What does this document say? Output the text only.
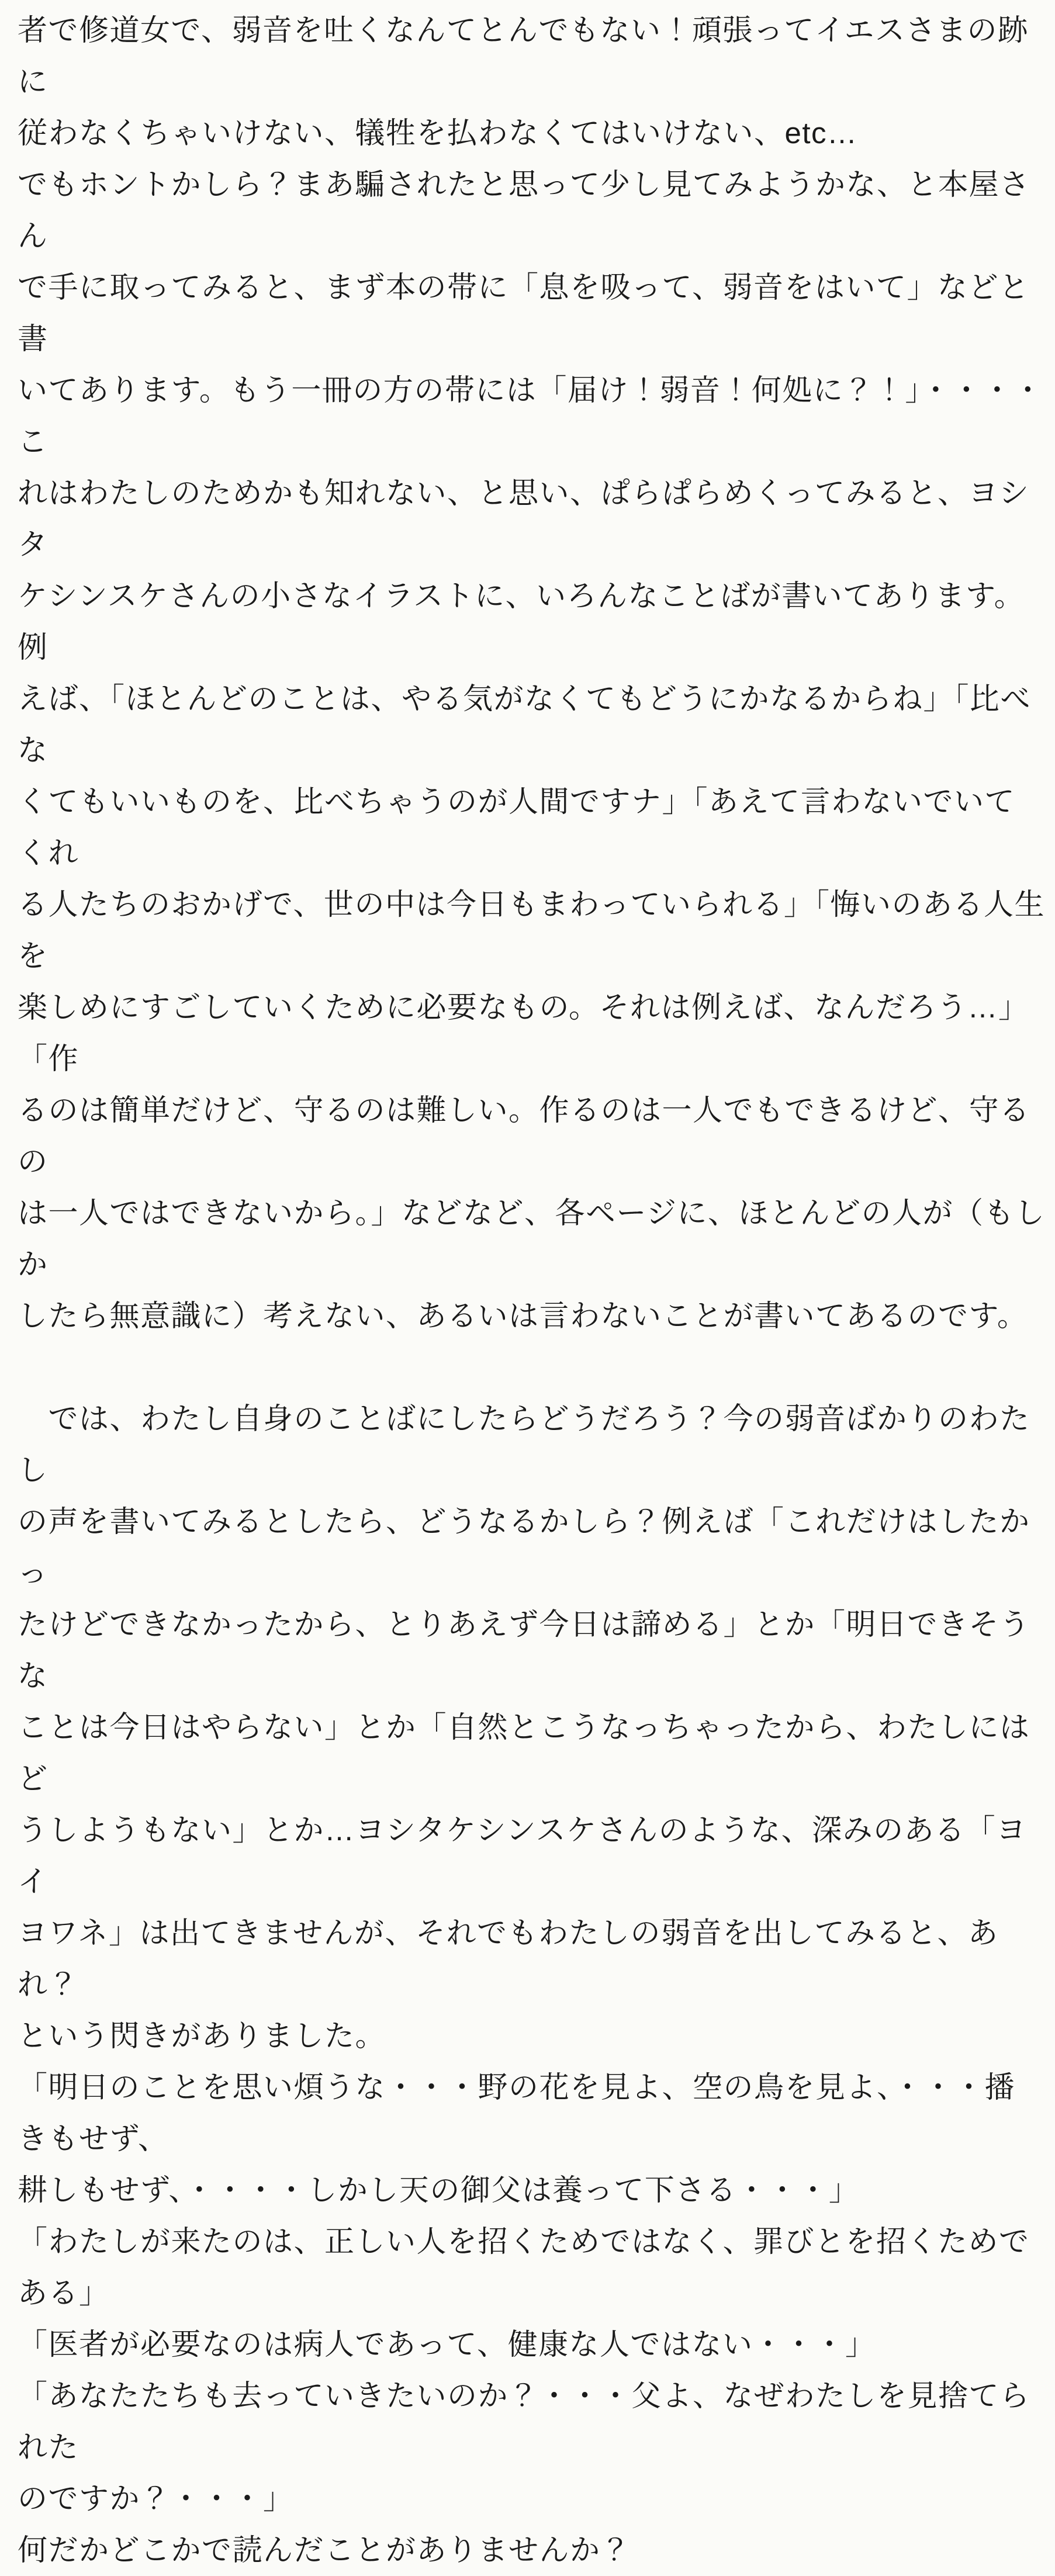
者で修道女で、弱音を吐くなんてとんでもない！頑張ってイエスさまの跡に

従わなくちゃいけない、犠牲を払わなくてはいけない、etc…

でもホントかしら？まあ騙されたと思って少し見てみようかな、と本屋さん

で手に取ってみると、まず本の帯に「息を吸って、弱音をはいて」などと書

いてあります。もう一冊の方の帯には「届け！弱音！何処に？！」・・・・こ

れはわたしのためかも知れない、と思い、ぱらぱらめくってみると、ヨシタ

ケシンスケさんの小さなイラストに、いろんなことばが書いてあります。例

えば、「ほとんどのことは、やる気がなくてもどうにかなるからね」「比べな

くてもいいものを、比べちゃうのが人間ですナ」「あえて言わないでいてくれ

る人たちのおかげで、世の中は今日もまわっていられる」「悔いのある人生を

楽しめにすごしていくために必要なもの。それは例えば、なんだろう…」「作

るのは簡単だけど、守るのは難しい。作るのは一人でもできるけど、守るの

は一人ではできないから。」などなど、各ページに、ほとんどの人が（もしか

したら無意識に）考えない、あるいは言わないことが書いてあるのです。

　では、わたし自身のことばにしたらどうだろう？今の弱音ばかりのわたし

の声を書いてみるとしたら、どうなるかしら？例えば「これだけはしたかっ

たけどできなかったから、とりあえず今日は諦める」とか「明日できそうな

ことは今日はやらない」とか「自然とこうなっちゃったから、わたしにはど

うしようもない」とか…ヨシタケシンスケさんのような、深みのある「ヨイ

ヨワネ」は出てきませんが、それでもわたしの弱音を出してみると、あれ？

という閃きがありました。

「明日のことを思い煩うな・・・野の花を見よ、空の鳥を見よ、・・・播きもせず、

耕しもせず、・・・・しかし天の御父は養って下さる・・・」

「わたしが来たのは、正しい人を招くためではなく、罪びとを招くためである」

「医者が必要なのは病人であって、健康な人ではない・・・」

「あなたたちも去っていきたいのか？・・・父よ、なぜわたしを見捨てられた

のですか？・・・」

何だかどこかで読んだことがありませんか？
